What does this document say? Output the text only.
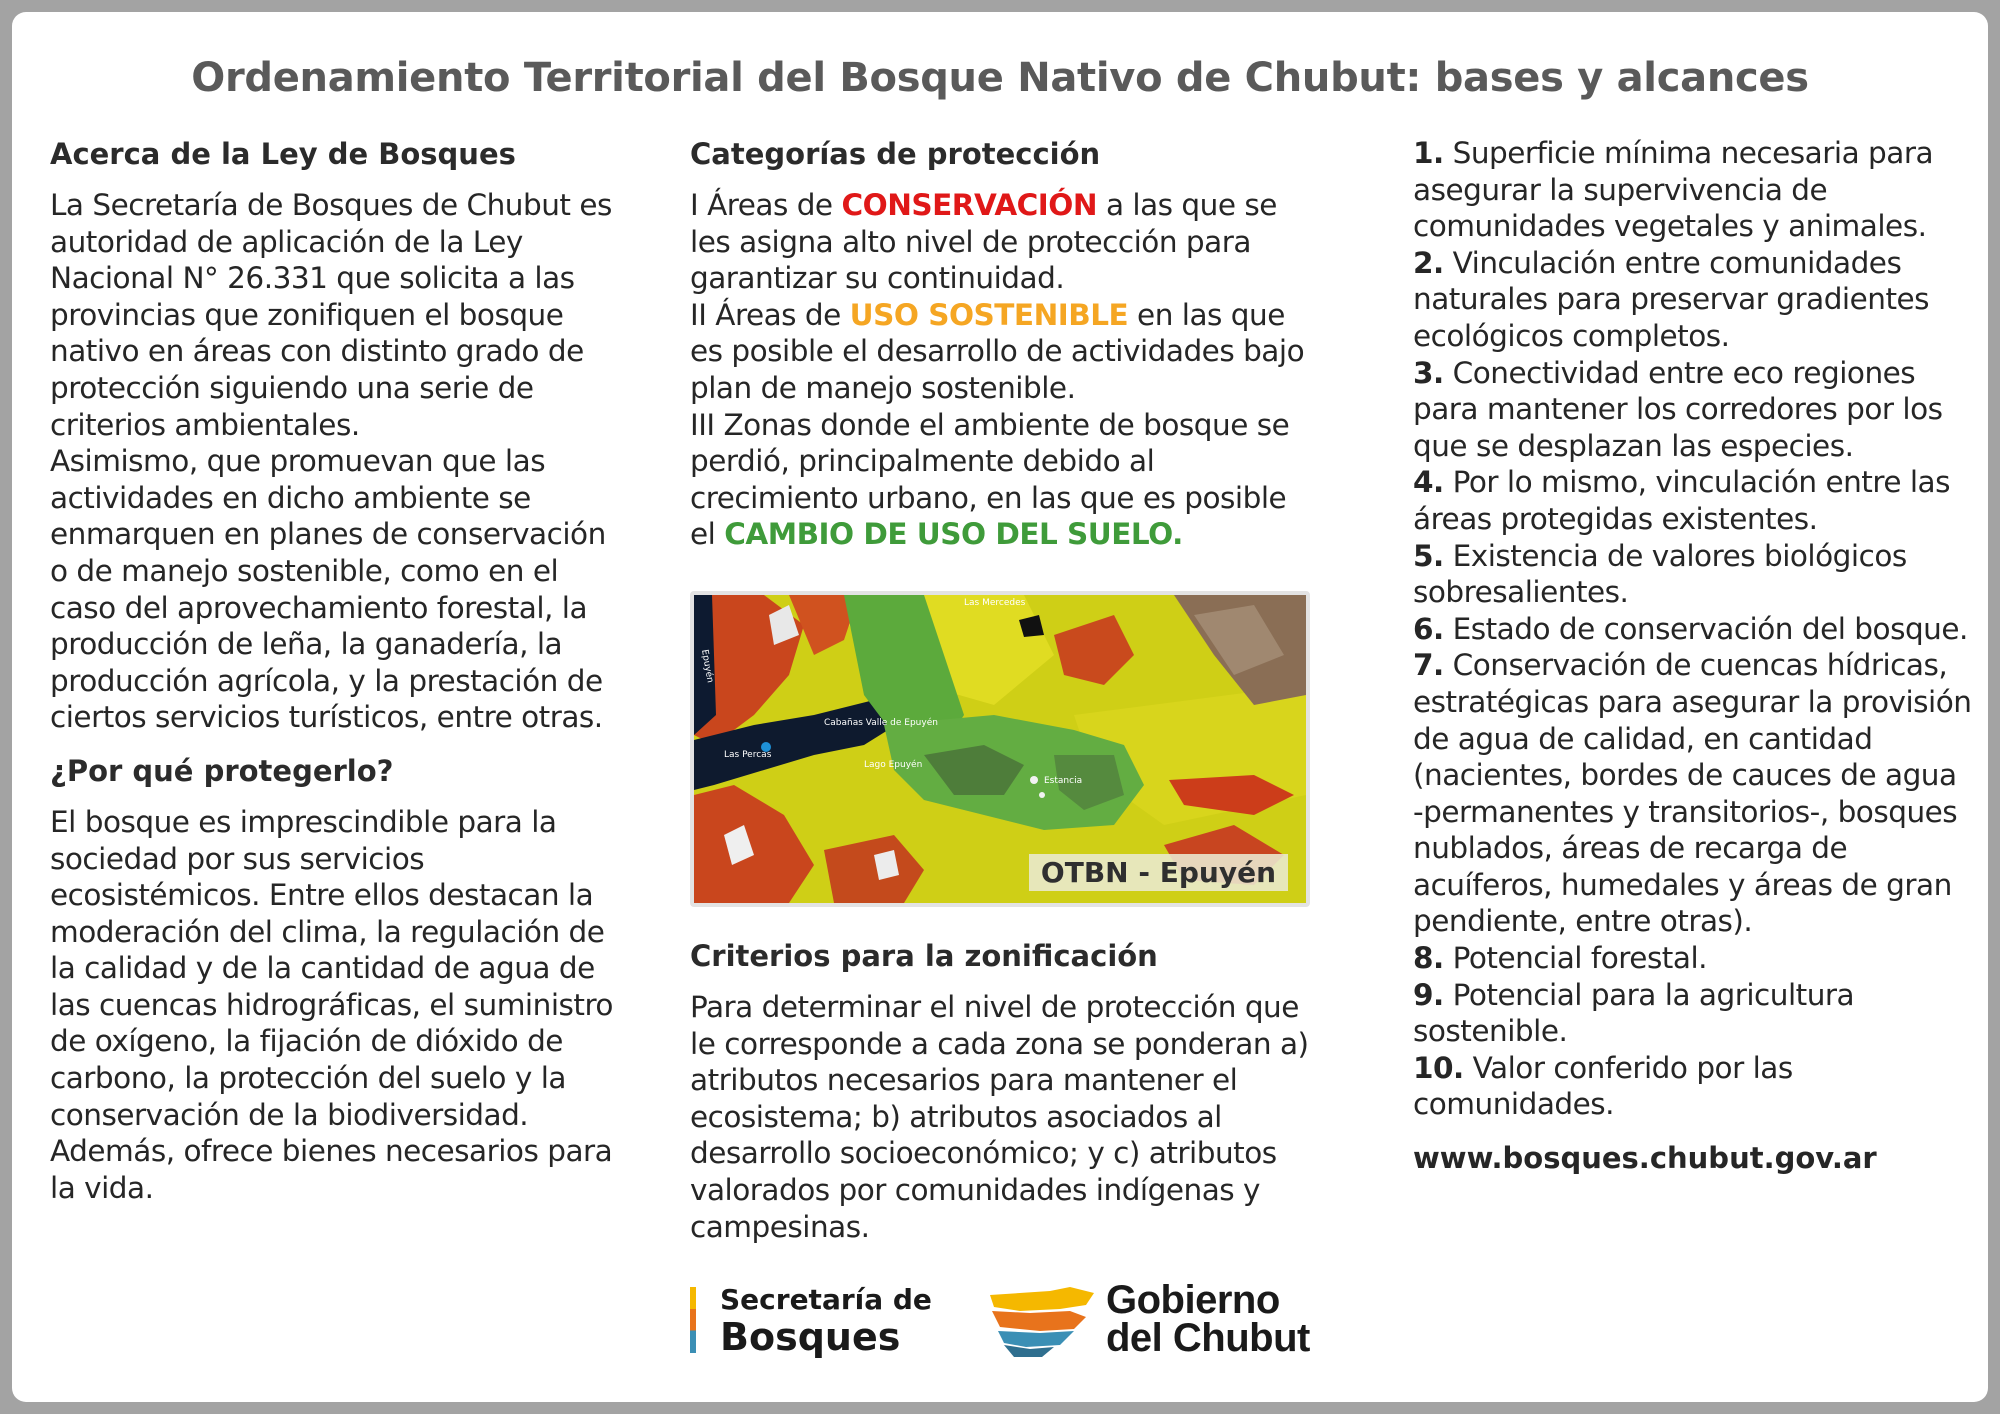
Ordenamiento Territorial del Bosque Nativo de Chubut: bases y alcances
Acerca de la Ley de Bosques

La Secretaría de Bosques de Chubut es autoridad de aplicación de la Ley Nacional N° 26.331 que solicita a las provincias que zonifiquen el bosque nativo en áreas con distinto grado de protección siguiendo una serie de criterios ambientales.

Asimismo, que promuevan que las actividades en dicho ambiente se enmarquen en planes de conservación o de manejo sostenible, como en el caso del aprovechamiento forestal, la producción de leña, la ganadería, la producción agrícola, y la prestación de ciertos servicios turísticos, entre otras.

¿Por qué protegerlo?

El bosque es imprescindible para la sociedad por sus servicios ecosistémicos. Entre ellos destacan la moderación del clima, la regulación de la calidad y de la cantidad de agua de las cuencas hidrográficas, el suministro de oxígeno, la fijación de dióxido de carbono, la protección del suelo y la conservación de la biodiversidad. Además, ofrece bienes necesarios para la vida.

Categorías de protección

I Áreas de CONSERVACIÓN a las que se les asigna alto nivel de protección para garantizar su continuidad.

II Áreas de USO SOSTENIBLE en las que es posible el desarrollo de actividades bajo plan de manejo sostenible.

III Zonas donde el ambiente de bosque se perdió, principalmente debido al crecimiento urbano, en las que es posible el CAMBIO DE USO DEL SUELO.

Las Mercedes
Epuyén
Cabañas Valle de Epuyén
Lago Epuyén
Las Percas
Estancia
OTBN - Epuyén
Criterios para la zonificación

Para determinar el nivel de protección que le corresponde a cada zona se ponderan a) atributos necesarios para mantener el ecosistema; b) atributos asociados al desarrollo socioeconómico; y c) atributos valorados por comunidades indígenas y campesinas.

Secretaría de
Bosques
Gobierno
del Chubut
1. Superficie mínima necesaria para asegurar la supervivencia de comunidades vegetales y animales.
2. Vinculación entre comunidades naturales para preservar gradientes ecológicos completos.
3. Conectividad entre eco regiones para mantener los corredores por los que se desplazan las especies.
4. Por lo mismo, vinculación entre las áreas protegidas existentes.
5. Existencia de valores biológicos sobresalientes.
6. Estado de conservación del bosque.
7. Conservación de cuencas hídricas, estratégicas para asegurar la provisión de agua de calidad, en cantidad (nacientes, bordes de cauces de agua -permanentes y transitorios-, bosques nublados, áreas de recarga de acuíferos, humedales y áreas de gran pendiente, entre otras).
8. Potencial forestal.
9. Potencial para la agricultura sostenible.
10. Valor conferido por las comunidades.
www.bosques.chubut.gov.ar
